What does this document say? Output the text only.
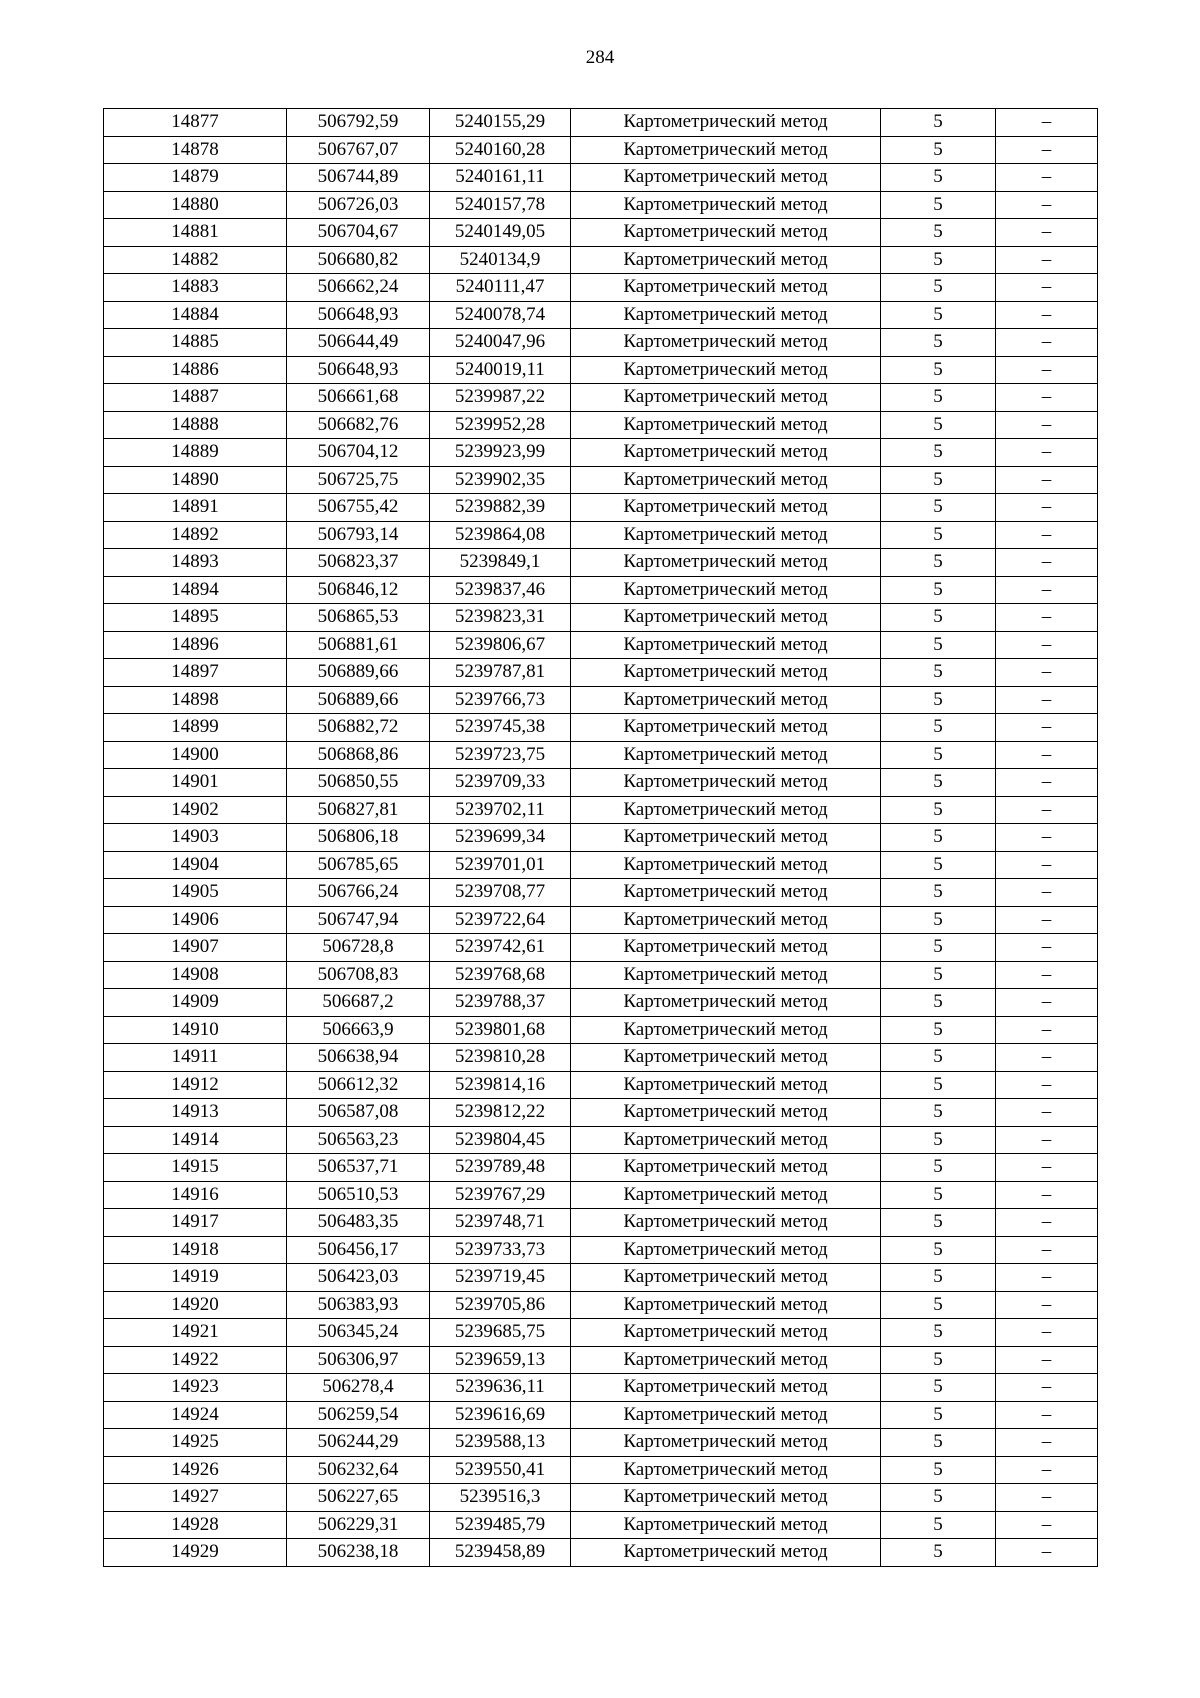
284
14877	506792,59	5240155,29	Картометрический метод	5	–
14878	506767,07	5240160,28	Картометрический метод	5	–
14879	506744,89	5240161,11	Картометрический метод	5	–
14880	506726,03	5240157,78	Картометрический метод	5	–
14881	506704,67	5240149,05	Картометрический метод	5	–
14882	506680,82	5240134,9	Картометрический метод	5	–
14883	506662,24	5240111,47	Картометрический метод	5	–
14884	506648,93	5240078,74	Картометрический метод	5	–
14885	506644,49	5240047,96	Картометрический метод	5	–
14886	506648,93	5240019,11	Картометрический метод	5	–
14887	506661,68	5239987,22	Картометрический метод	5	–
14888	506682,76	5239952,28	Картометрический метод	5	–
14889	506704,12	5239923,99	Картометрический метод	5	–
14890	506725,75	5239902,35	Картометрический метод	5	–
14891	506755,42	5239882,39	Картометрический метод	5	–
14892	506793,14	5239864,08	Картометрический метод	5	–
14893	506823,37	5239849,1	Картометрический метод	5	–
14894	506846,12	5239837,46	Картометрический метод	5	–
14895	506865,53	5239823,31	Картометрический метод	5	–
14896	506881,61	5239806,67	Картометрический метод	5	–
14897	506889,66	5239787,81	Картометрический метод	5	–
14898	506889,66	5239766,73	Картометрический метод	5	–
14899	506882,72	5239745,38	Картометрический метод	5	–
14900	506868,86	5239723,75	Картометрический метод	5	–
14901	506850,55	5239709,33	Картометрический метод	5	–
14902	506827,81	5239702,11	Картометрический метод	5	–
14903	506806,18	5239699,34	Картометрический метод	5	–
14904	506785,65	5239701,01	Картометрический метод	5	–
14905	506766,24	5239708,77	Картометрический метод	5	–
14906	506747,94	5239722,64	Картометрический метод	5	–
14907	506728,8	5239742,61	Картометрический метод	5	–
14908	506708,83	5239768,68	Картометрический метод	5	–
14909	506687,2	5239788,37	Картометрический метод	5	–
14910	506663,9	5239801,68	Картометрический метод	5	–
14911	506638,94	5239810,28	Картометрический метод	5	–
14912	506612,32	5239814,16	Картометрический метод	5	–
14913	506587,08	5239812,22	Картометрический метод	5	–
14914	506563,23	5239804,45	Картометрический метод	5	–
14915	506537,71	5239789,48	Картометрический метод	5	–
14916	506510,53	5239767,29	Картометрический метод	5	–
14917	506483,35	5239748,71	Картометрический метод	5	–
14918	506456,17	5239733,73	Картометрический метод	5	–
14919	506423,03	5239719,45	Картометрический метод	5	–
14920	506383,93	5239705,86	Картометрический метод	5	–
14921	506345,24	5239685,75	Картометрический метод	5	–
14922	506306,97	5239659,13	Картометрический метод	5	–
14923	506278,4	5239636,11	Картометрический метод	5	–
14924	506259,54	5239616,69	Картометрический метод	5	–
14925	506244,29	5239588,13	Картометрический метод	5	–
14926	506232,64	5239550,41	Картометрический метод	5	–
14927	506227,65	5239516,3	Картометрический метод	5	–
14928	506229,31	5239485,79	Картометрический метод	5	–
14929	506238,18	5239458,89	Картометрический метод	5	–
